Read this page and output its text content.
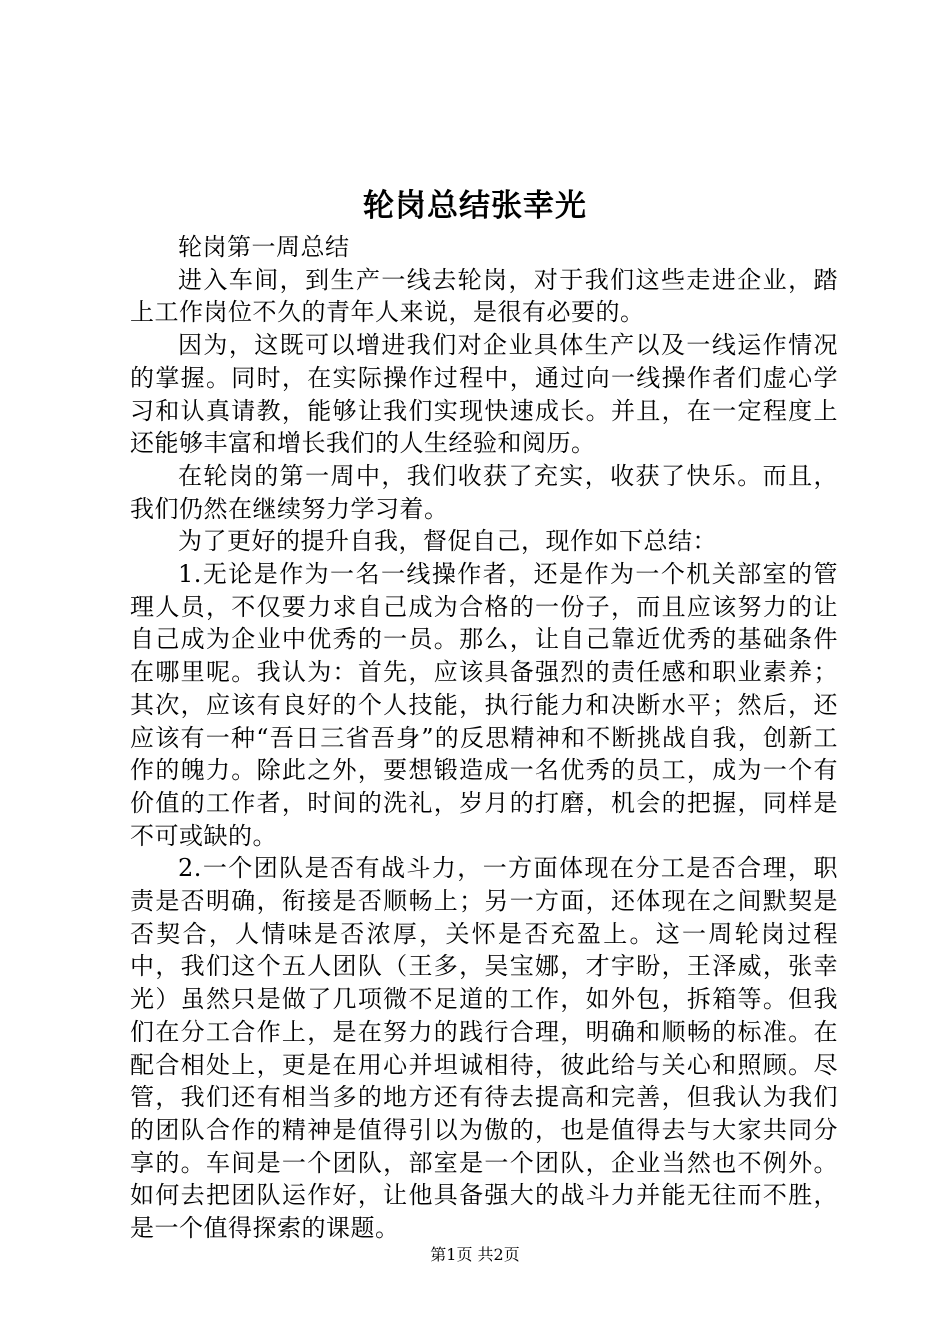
轮岗总结张幸光

轮岗第一周总结

进入车间，到生产一线去轮岗，对于我们这些走进企业，踏上工作岗位不久的青年人来说，是很有必要的。

因为，这既可以增进我们对企业具体生产以及一线运作情况的掌握。同时，在实际操作过程中，通过向一线操作者们虚心学习和认真请教，能够让我们实现快速成长。并且，在一定程度上还能够丰富和增长我们的人生经验和阅历。

在轮岗的第一周中，我们收获了充实，收获了快乐。而且，我们仍然在继续努力学习着。

为了更好的提升自我，督促自己，现作如下总结：

1.无论是作为一名一线操作者，还是作为一个机关部室的管理人员，不仅要力求自己成为合格的一份子，而且应该努力的让自己成为企业中优秀的一员。那么，让自己靠近优秀的基础条件在哪里呢。我认为：首先，应该具备强烈的责任感和职业素养；其次，应该有良好的个人技能，执行能力和决断水平；然后，还应该有一种“吾日三省吾身”的反思精神和不断挑战自我，创新工作的魄力。除此之外，要想锻造成一名优秀的员工，成为一个有价值的工作者，时间的洗礼，岁月的打磨，机会的把握，同样是不可或缺的。

2.一个团队是否有战斗力，一方面体现在分工是否合理，职责是否明确，衔接是否顺畅上；另一方面，还体现在之间默契是否契合，人情味是否浓厚，关怀是否充盈上。这一周轮岗过程中，我们这个五人团队（王多，吴宝娜，才宇盼，王泽威，张幸光）虽然只是做了几项微不足道的工作，如外包，拆箱等。但我们在分工合作上，是在努力的践行合理，明确和顺畅的标准。在配合相处上，更是在用心并坦诚相待，彼此给与关心和照顾。尽管，我们还有相当多的地方还有待去提高和完善，但我认为我们的团队合作的精神是值得引以为傲的，也是值得去与大家共同分享的。车间是一个团队，部室是一个团队，企业当然也不例外。如何去把团队运作好，让他具备强大的战斗力并能无往而不胜，是一个值得探索的课题。

第1页 共2页
